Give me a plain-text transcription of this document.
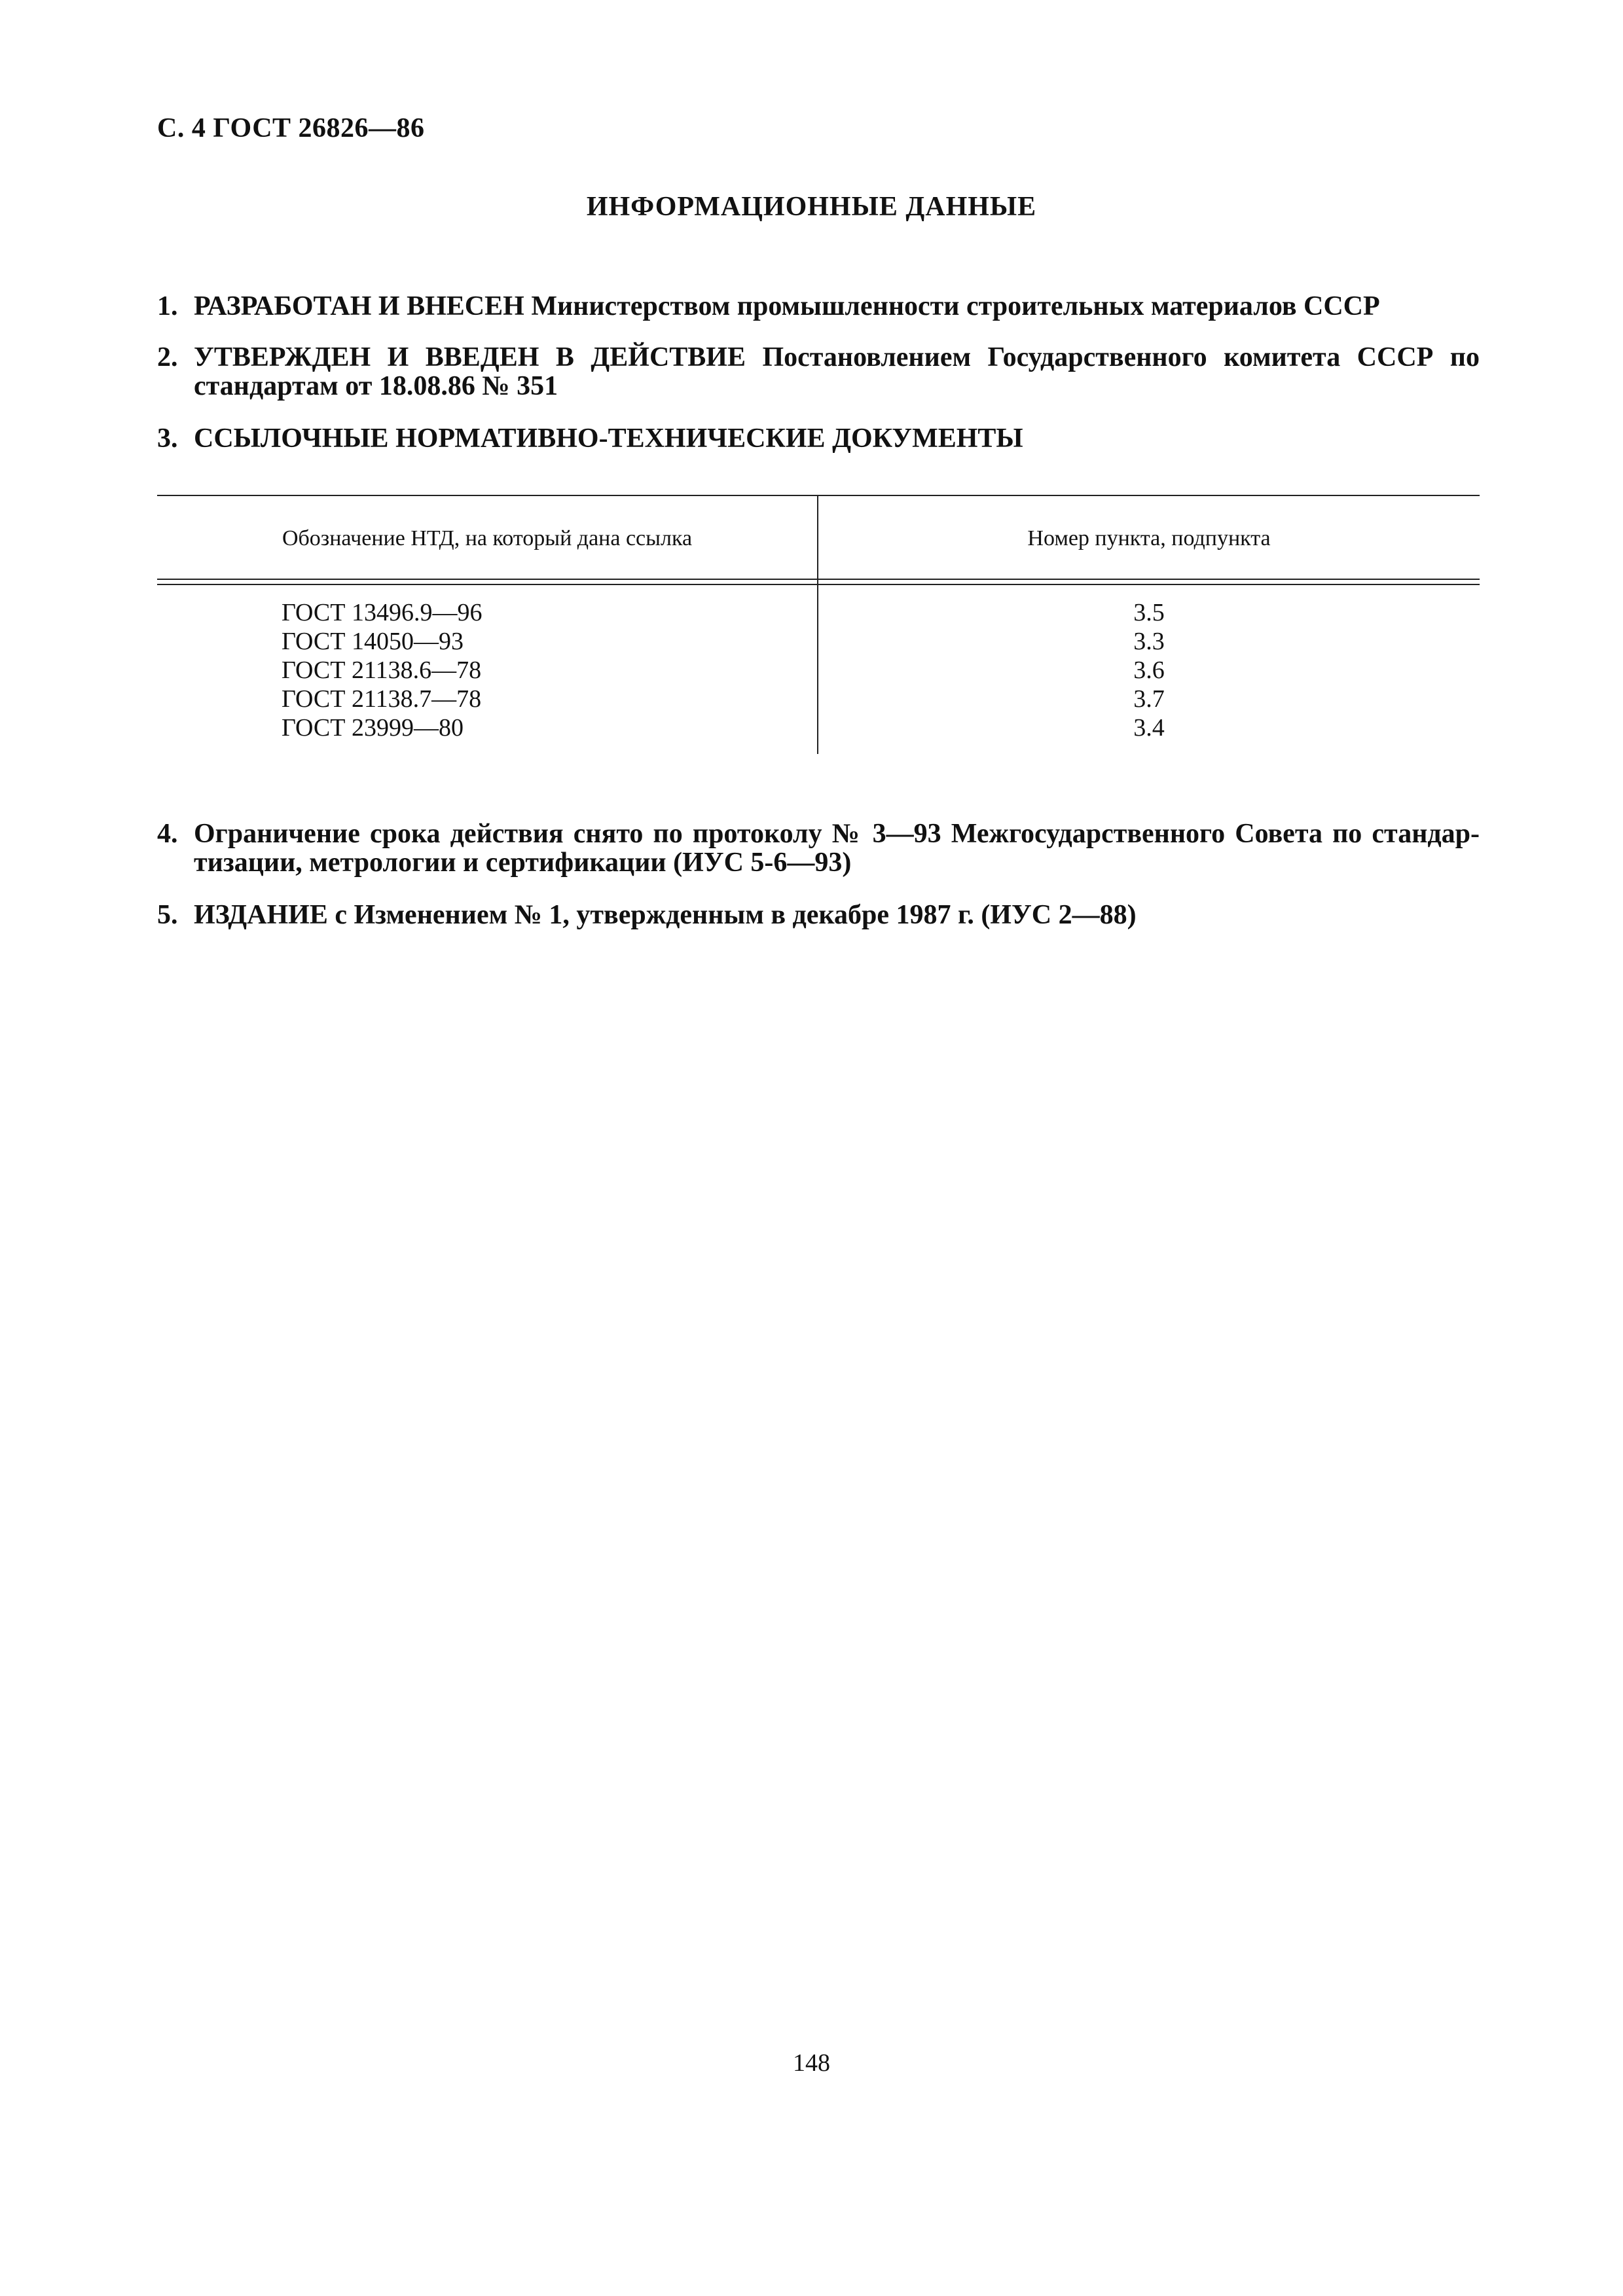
С. 4 ГОСТ 26826—86
ИНФОРМАЦИОННЫЕ ДАННЫЕ
1. РАЗРАБОТАН И ВНЕСЕН Министерством промышленности строительных материалов СССР
2. УТВЕРЖДЕН И ВВЕДЕН В ДЕЙСТВИЕ Постановлением Государственного комитета СССР по стандартам от 18.08.86 № 351
3. ССЫЛОЧНЫЕ НОРМАТИВНО-ТЕХНИЧЕСКИЕ ДОКУМЕНТЫ
Обозначение НТД, на который дана ссылка	Номер пункта, подпункта
ГОСТ 13496.9—96
ГОСТ 14050—93
ГОСТ 21138.6—78
ГОСТ 21138.7—78
ГОСТ 23999—80
3.5
3.3
3.6
3.7
3.4
4. Ограничение срока действия снято по протоколу № 3—93 Межгосударственного Совета по стандар-тизации, метрологии и сертификации (ИУС 5-6—93)
5. ИЗДАНИЕ с Изменением № 1, утвержденным в декабре 1987 г. (ИУС 2—88)
148
